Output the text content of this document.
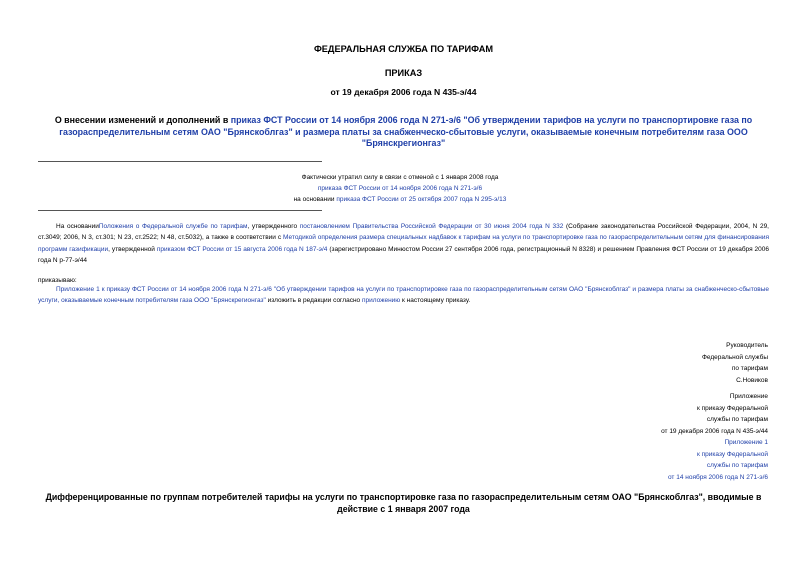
ФЕДЕРАЛЬНАЯ СЛУЖБА ПО ТАРИФАМ
ПРИКАЗ
от 19 декабря 2006 года N 435-э/44
О внесении изменений и дополнений в приказ ФСТ России от 14 ноября 2006 года N 271-э/6 "Об утверждении тарифов на услуги по транспортировке газа по газораспределительным сетям ОАО "Брянскоблгаз" и размера платы за снабженческо-сбытовые услуги, оказываемые конечным потребителям газа ООО "Брянскрегионгаз"
Фактически утратил силу в связи с отменой с 1 января 2008 года
приказа ФСТ России от 14 ноября 2006 года N 271-э/6
на основании приказа ФСТ России от 25 октября 2007 года N 295-э/13
На основанииПоложения о Федеральной службе по тарифам, утвержденного постановлением Правительства Российской Федерации от 30 июня 2004 года N 332 (Собрание законодательства Российской Федерации, 2004, N 29, ст.3049; 2006, N 3, ст.301; N 23, ст.2522; N 48, ст.5032), а также в соответствии с Методикой определения размера специальных надбавок к тарифам на услуги по транспортировке газа по газораспределительным сетям для финансирования программ газификации, утвержденной приказом ФСТ России от 15 августа 2006 года N 187-э/4 (зарегистрировано Минюстом России 27 сентября 2006 года, регистрационный N 8328) и решением Правления ФСТ России от 19 декабря 2006 года N р-77-э/44
приказываю:
Приложение 1 к приказу ФСТ России от 14 ноября 2006 года N 271-э/6 "Об утверждении тарифов на услуги по транспортировке газа по газораспределительным сетям ОАО "Брянскоблгаз" и размера платы за снабженческо-сбытовые услуги, оказываемые конечным потребителям газа ООО "Брянскрегионгаз" изложить в редакции согласно приложению к настоящему приказу.
Руководитель
Федеральной службы
по тарифам
С.Новиков
Приложение
к приказу Федеральной
службы по тарифам
от 19 декабря 2006 года N 435-э/44
Приложение 1
к приказу Федеральной
службы по тарифам
от 14 ноября 2006 года N 271-э/6
Дифференцированные по группам потребителей тарифы на услуги по транспортировке газа по газораспределительным сетям ОАО "Брянскоблгаз", вводимые в действие с 1 января 2007 года
